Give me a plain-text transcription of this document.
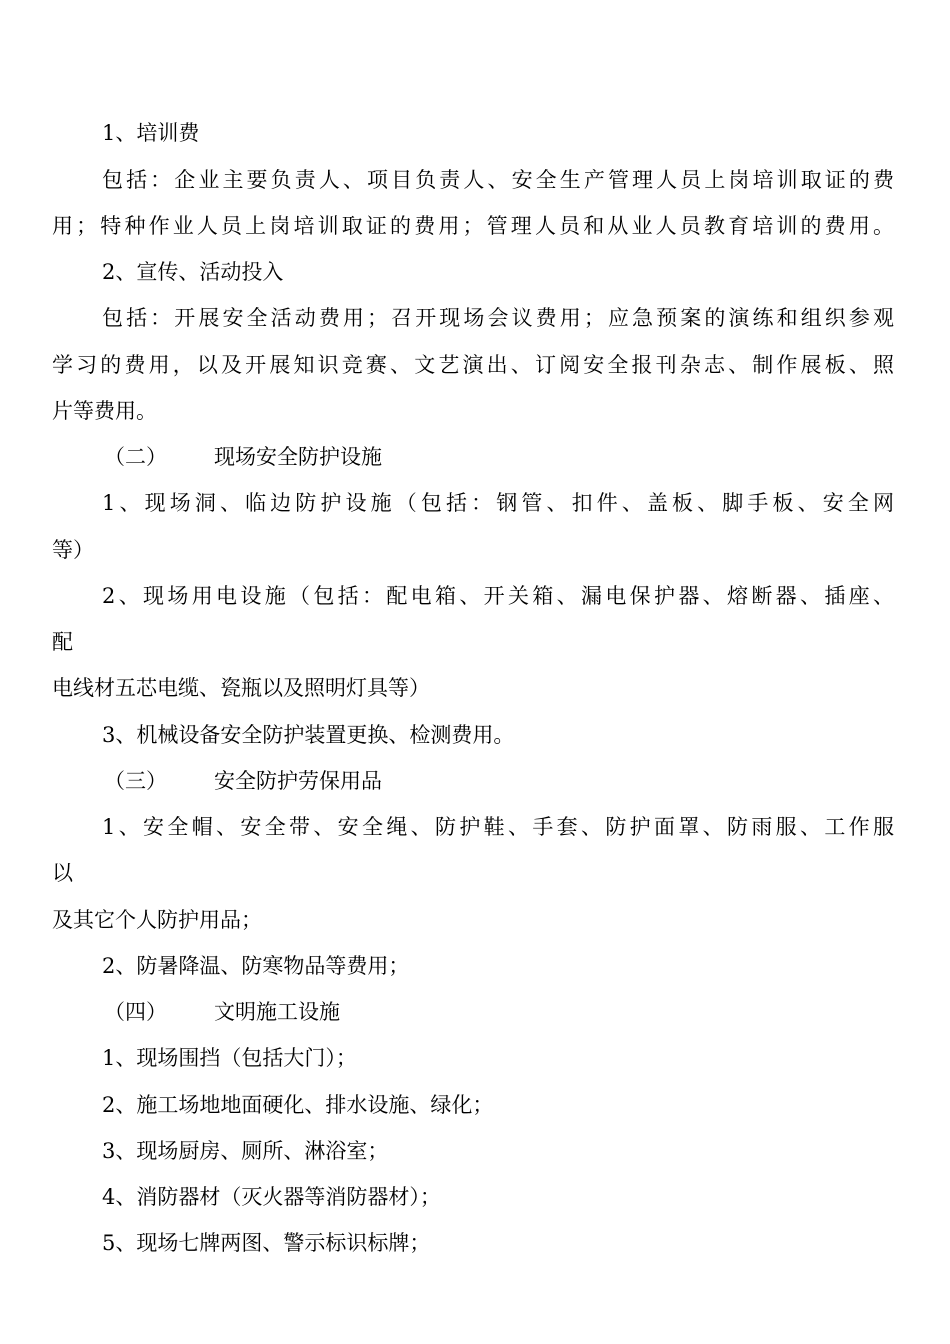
1、培训费
包括：企业主要负责人、项目负责人、安全生产管理人员上岗培训取证的费
用；特种作业人员上岗培训取证的费用；管理人员和从业人员教育培训的费用。
2、宣传、活动投入
包括：开展安全活动费用；召开现场会议费用；应急预案的演练和组织参观
学习的费用，以及开展知识竞赛、文艺演出、订阅安全报刊杂志、制作展板、照
片等费用。
（二） 现场安全防护设施
1、现场洞、临边防护设施（包括：钢管、扣件、盖板、脚手板、安全网
等）
2、现场用电设施（包括：配电箱、开关箱、漏电保护器、熔断器、插座、
配
电线材五芯电缆、瓷瓶以及照明灯具等）
3、机械设备安全防护装置更换、检测费用。
（三） 安全防护劳保用品
1、安全帽、安全带、安全绳、防护鞋、手套、防护面罩、防雨服、工作服
以
及其它个人防护用品；
2、防暑降温、防寒物品等费用；
（四） 文明施工设施
1、现场围挡（包括大门）；
2、施工场地地面硬化、排水设施、绿化；
3、现场厨房、厕所、淋浴室；
4、消防器材（灭火器等消防器材）；
5、现场七牌两图、警示标识标牌；
